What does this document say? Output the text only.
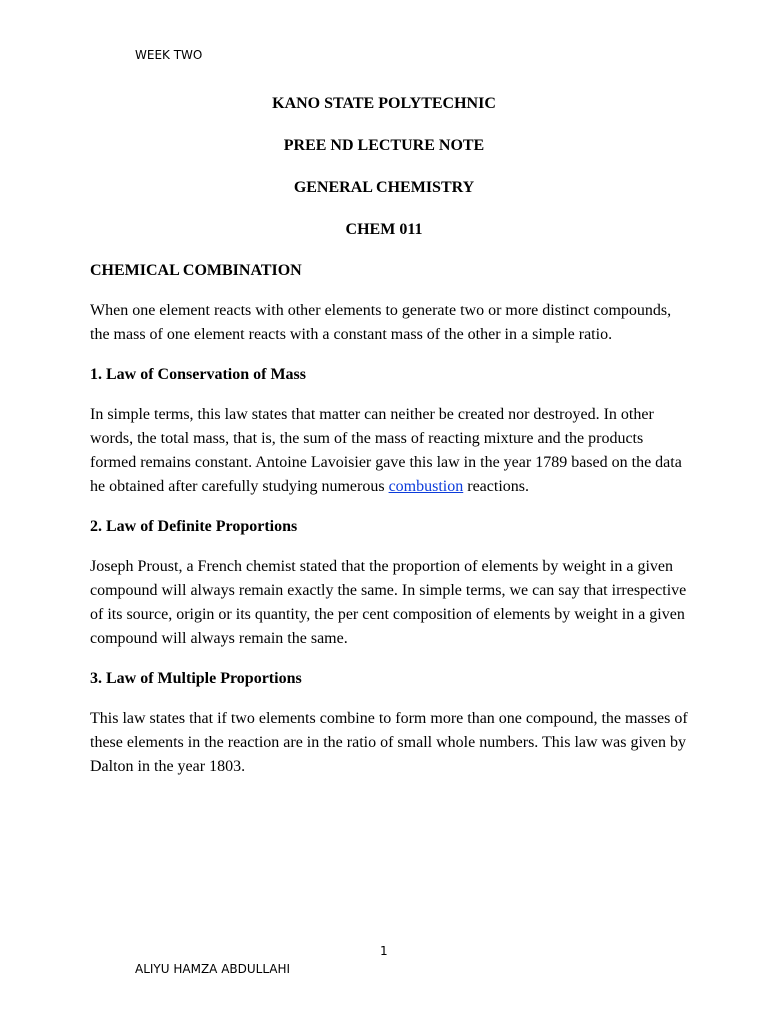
WEEK TWO
KANO STATE POLYTECHNIC
PREE ND LECTURE NOTE
GENERAL CHEMISTRY
CHEM 011
CHEMICAL COMBINATION

When one element reacts with other elements to generate two or more distinct compounds, the mass of one element reacts with a constant mass of the other in a simple ratio.

1. Law of Conservation of Mass

In simple terms, this law states that matter can neither be created nor destroyed. In other words, the total mass, that is, the sum of the mass of reacting mixture and the products formed remains constant. Antoine Lavoisier gave this law in the year 1789 based on the data he obtained after carefully studying numerous combustion reactions.

2. Law of Definite Proportions

Joseph Proust, a French chemist stated that the proportion of elements by weight in a given compound will always remain exactly the same. In simple terms, we can say that irrespective of its source, origin or its quantity, the per cent composition of elements by weight in a given compound will always remain the same.

3. Law of Multiple Proportions

This law states that if two elements combine to form more than one compound, the masses of these elements in the reaction are in the ratio of small whole numbers. This law was given by Dalton in the year 1803.

1
ALIYU HAMZA ABDULLAHI
